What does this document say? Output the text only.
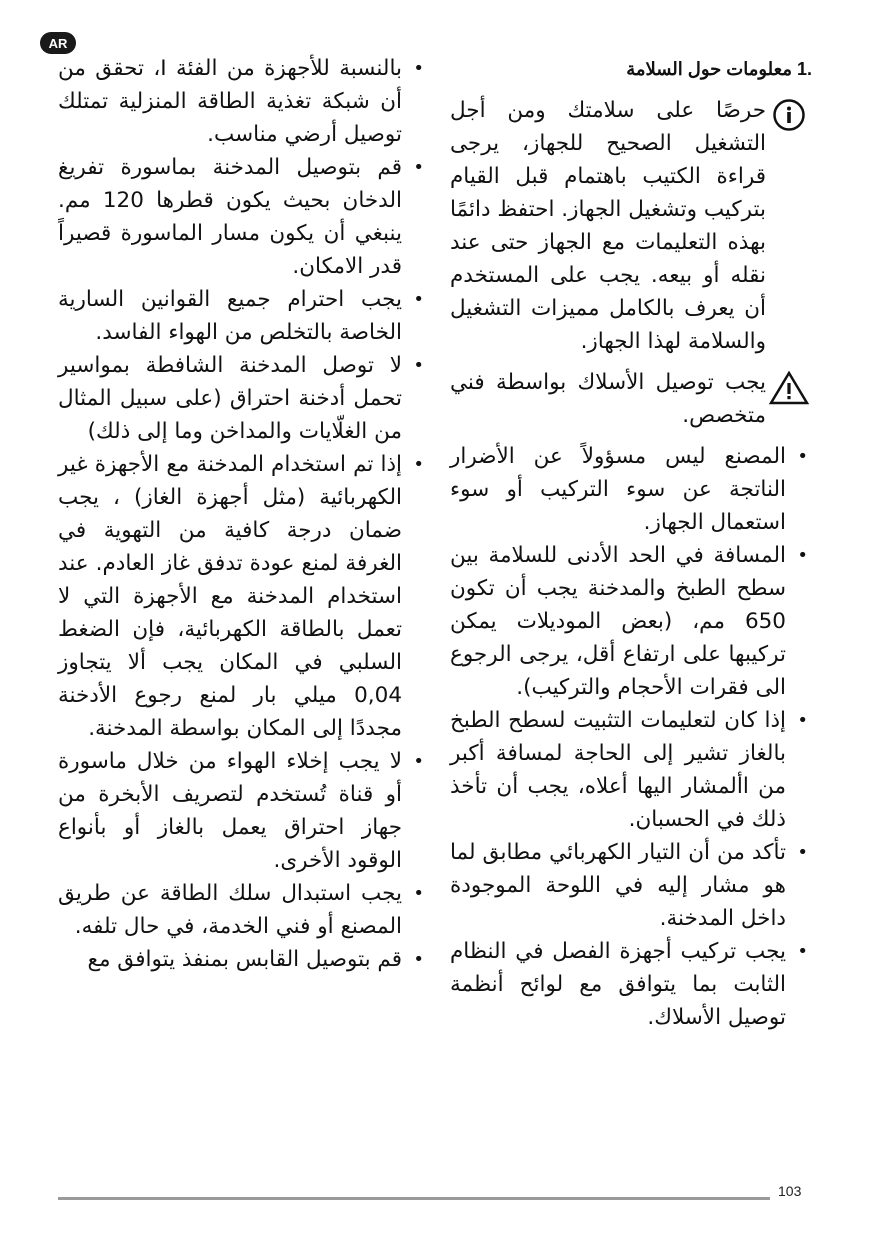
AR
.1 معلومات حول السلامة
حرصًا على سلامتك ومن أجل التشغيل الصحيح للجهاز، يرجى قراءة الكتيب باهتمام قبل القيام بتركيب وتشغيل الجهاز. احتفظ دائمًا بهذه التعليمات مع الجهاز حتى عند نقله أو بيعه. يجب على المستخدم أن يعرف بالكامل مميزات التشغيل والسلامة لهذا الجهاز.
يجب توصيل الأسلاك بواسطة فني متخصص.
• المصنع ليس مسؤولاً عن الأضرار الناتجة عن سوء التركيب أو سوء استعمال الجهاز.
• المسافة في الحد الأدنى للسلامة بين سطح الطبخ والمدخنة يجب أن تكون 650 مم، (بعض الموديلات يمكن تركيبها على ارتفاع أقل، يرجى الرجوع الى فقرات الأحجام والتركيب).
• إذا كان لتعليمات التثبيت لسطح الطبخ بالغاز تشير إلى الحاجة لمسافة أكبر من األمشار اليها أعلاه، يجب أن تأخذ ذلك في الحسبان.
• تأكد من أن التيار الكهربائي مطابق لما هو مشار إليه في اللوحة الموجودة داخل المدخنة.
• يجب تركيب أجهزة الفصل في النظام الثابت بما يتوافق مع لوائح أنظمة توصيل الأسلاك.
• بالنسبة للأجهزة من الفئة I، تحقق من أن شبكة تغذية الطاقة المنزلية تمتلك توصيل أرضي مناسب.
• قم بتوصيل المدخنة بماسورة تفريغ الدخان بحيث يكون قطرها 120 مم. ينبغي أن يكون مسار الماسورة قصيراً قدر الامكان.
• يجب احترام جميع القوانين السارية الخاصة بالتخلص من الهواء الفاسد.
• لا توصل المدخنة الشافطة بمواسير تحمل أدخنة احتراق (على سبيل المثال من الغلّايات والمداخن وما إلى ذلك)
• إذا تم استخدام المدخنة مع الأجهزة غير الكهربائية (مثل أجهزة الغاز) ، يجب ضمان درجة كافية من التهوية في الغرفة لمنع عودة تدفق غاز العادم. عند استخدام المدخنة مع الأجهزة التي لا تعمل بالطاقة الكهربائية، فإن الضغط السلبي في المكان يجب ألا يتجاوز 0,04 ميلي بار لمنع رجوع الأدخنة مجددًا إلى المكان بواسطة المدخنة.
• لا يجب إخلاء الهواء من خلال ماسورة أو قناة تُستخدم لتصريف الأبخرة من جهاز احتراق يعمل بالغاز أو بأنواع الوقود الأخرى.
• يجب استبدال سلك الطاقة عن طريق المصنع أو فني الخدمة، في حال تلفه.
• قم بتوصيل القابس بمنفذ يتوافق مع
103
